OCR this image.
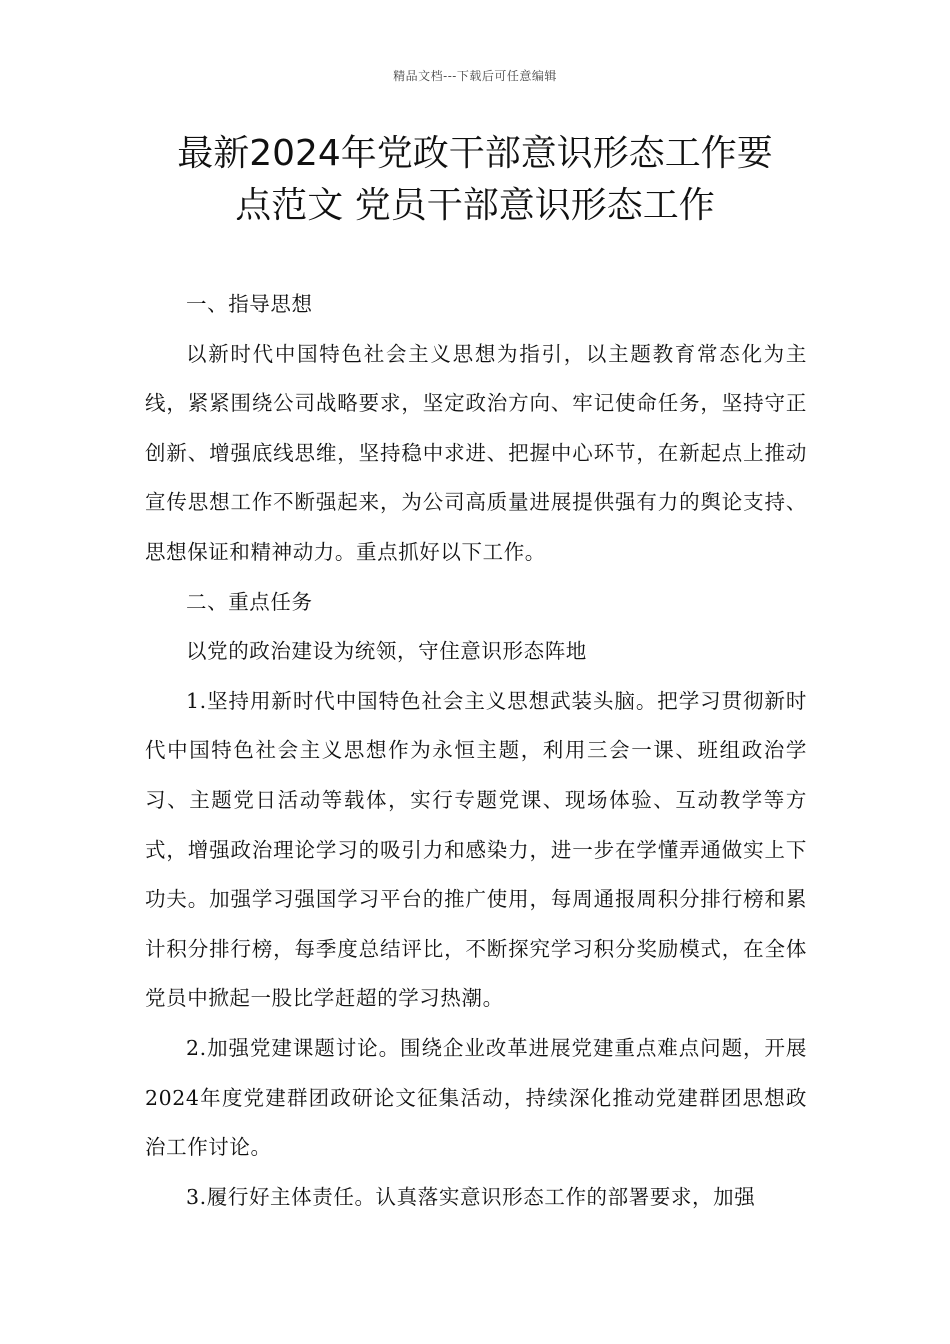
精品文档---下载后可任意编辑
最新2024年党政干部意识形态工作要
点范文 党员干部意识形态工作

一、指导思想

以新时代中国特色社会主义思想为指引，以主题教育常态化为主线，紧紧围绕公司战略要求，坚定政治方向、牢记使命任务，坚持守正创新、增强底线思维，坚持稳中求进、把握中心环节，在新起点上推动宣传思想工作不断强起来，为公司高质量进展提供强有力的舆论支持、思想保证和精神动力。重点抓好以下工作。

二、重点任务

以党的政治建设为统领，守住意识形态阵地

1.坚持用新时代中国特色社会主义思想武装头脑。把学习贯彻新时代中国特色社会主义思想作为永恒主题，利用三会一课、班组政治学习、主题党日活动等载体，实行专题党课、现场体验、互动教学等方式，增强政治理论学习的吸引力和感染力，进一步在学懂弄通做实上下功夫。加强学习强国学习平台的推广使用，每周通报周积分排行榜和累计积分排行榜，每季度总结评比，不断探究学习积分奖励模式，在全体党员中掀起一股比学赶超的学习热潮。

2.加强党建课题讨论。围绕企业改革进展党建重点难点问题，开展2024年度党建群团政研论文征集活动，持续深化推动党建群团思想政治工作讨论。

3.履行好主体责任。认真落实意识形态工作的部署要求，加强
